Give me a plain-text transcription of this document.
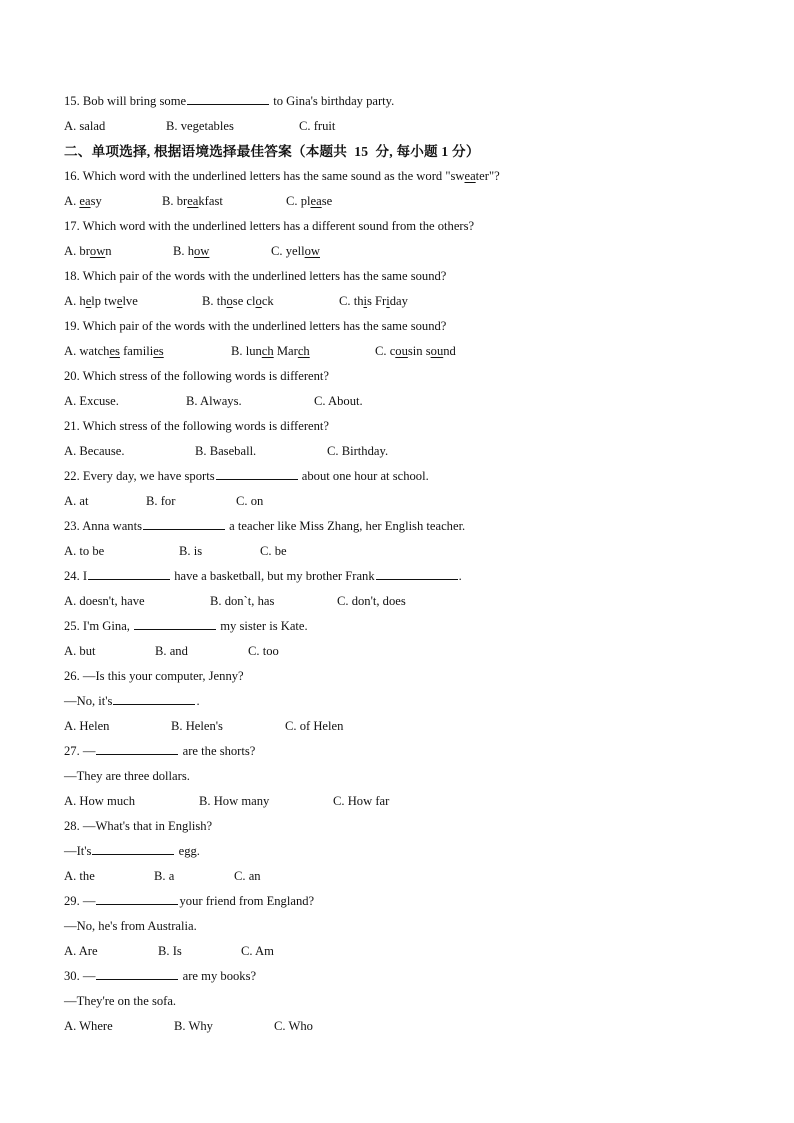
15. Bob will bring some	to Gina's birthday party.
A. salad	B. vegetables	C. fruit
二、单项选择, 根据语境选择最佳答案（本题共  15  分, 每小题 1 分）
16. Which word with the underlined letters has the same sound as the word "sweater"?
A. easy	B. breakfast	C. please
17. Which word with the underlined letters has a different sound from the others?
A. brown	B. how	C. yellow
18. Which pair of the words with the underlined letters has the same sound?
A. help twelve	B. those clock	C. this Friday
19. Which pair of the words with the underlined letters has the same sound?
A. watches families	B. lunch March	C. cousin sound
20. Which stress of the following words is different?
A. Excuse.	B. Always.	C. About.
21. Which stress of the following words is different?
A. Because.	B. Baseball.	C. Birthday.
22. Every day, we have sports	about one hour at school.
A. at	B. for	C. on
23. Anna wants	a teacher like Miss Zhang, her English teacher.
A. to be	B. is	C. be
24. I	have a basketball, but my brother Frank	.
A. doesn't, have	B. don`t, has	C. don't, does
25. I'm Gina,	my sister is Kate.
A. but	B. and	C. too
26. —Is this your computer, Jenny?
—No, it's	.
A. Helen	B. Helen's	C. of Helen
27. —	are the shorts?
—They are three dollars.
A. How much	B. How many	C. How far
28. —What's that in English?
—It's	egg.
A. the	B. a	C. an
29. —	your friend from England?
—No, he's from Australia.
A. Are	B. Is	C. Am
30. —	are my books?
—They're on the sofa.
A. Where	B. Why	C. Who
